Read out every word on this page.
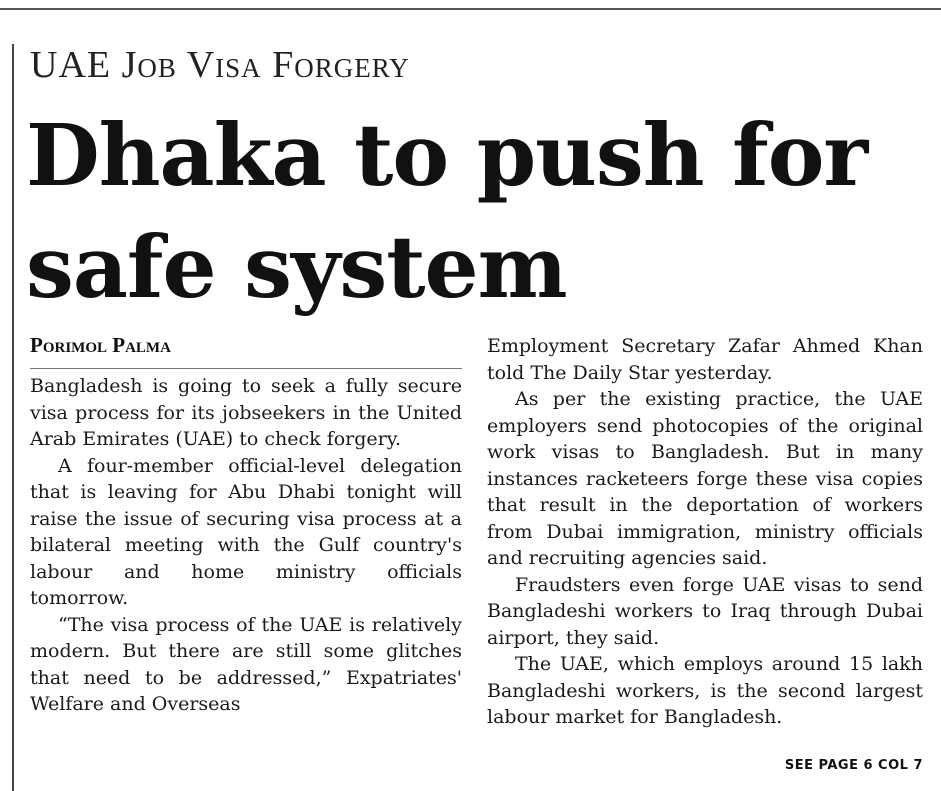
UAE Job Visa Forgery
Dhaka to push for safe system
Porimol Palma

Bangladesh is going to seek a fully secure visa process for its jobseekers in the United Arab Emirates (UAE) to check forgery.

A four-member official-level delegation that is leaving for Abu Dhabi tonight will raise the issue of securing visa process at a bilateral meeting with the Gulf country's labour and home ministry officials tomorrow.

“The visa process of the UAE is relatively modern. But there are still some glitches that need to be addressed,” Expatriates' Welfare and Overseas

Employment Secretary Zafar Ahmed Khan told The Daily Star yesterday.

As per the existing practice, the UAE employers send photocopies of the original work visas to Bangladesh. But in many instances racketeers forge these visa copies that result in the deportation of workers from Dubai immigration, ministry officials and recruiting agencies said.

Fraudsters even forge UAE visas to send Bangladeshi workers to Iraq through Dubai airport, they said.

The UAE, which employs around 15 lakh Bangladeshi workers, is the second largest labour market for Bangladesh.

SEE PAGE 6 COL 7
